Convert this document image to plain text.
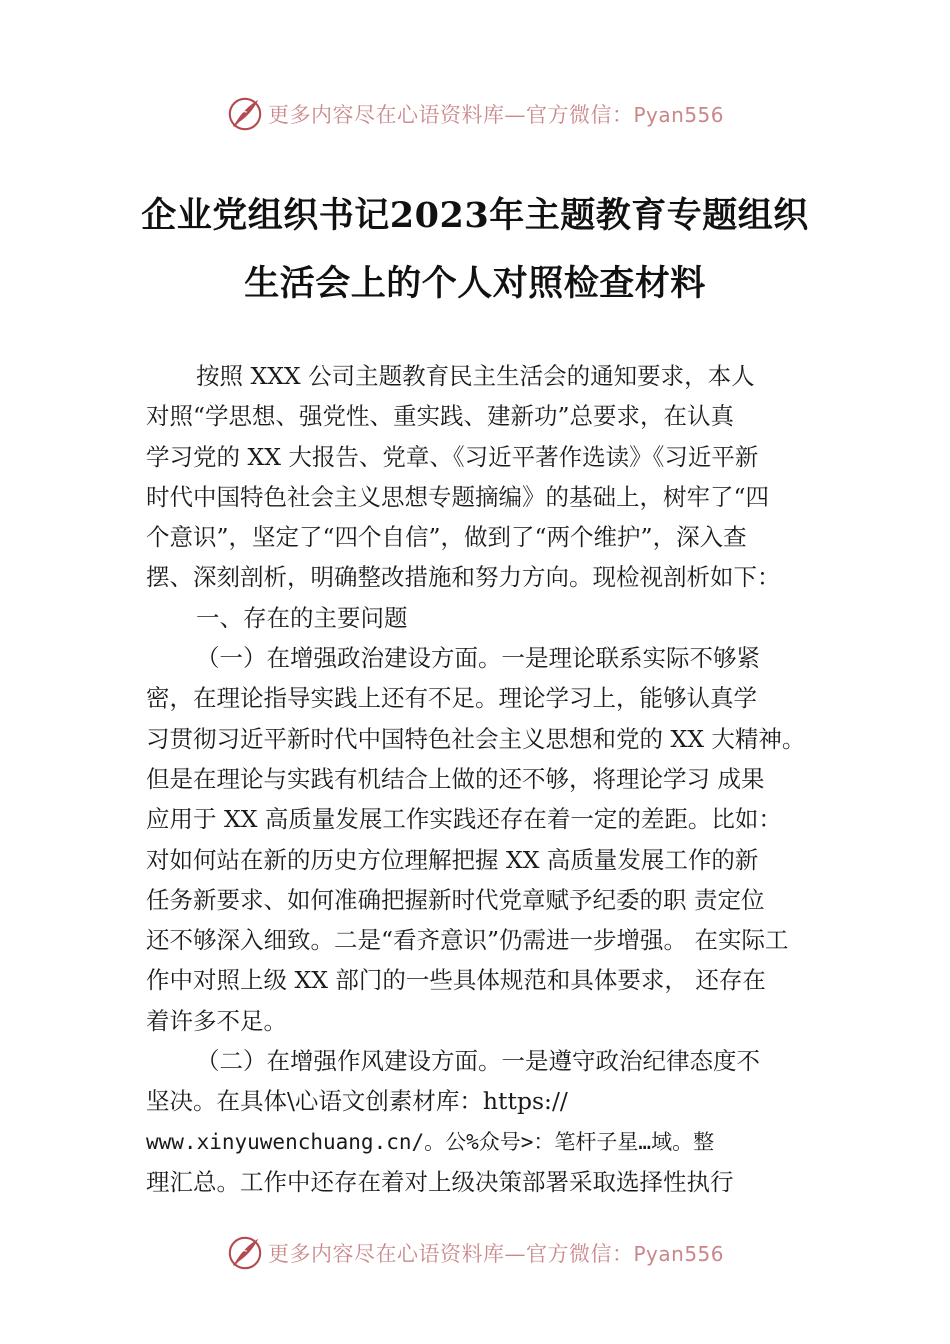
更多内容尽在心语资料库—官方微信：Pyan556
企业党组织书记2023年主题教育专题组织
生活会上的个人对照检查材料
按照 XXX 公司主题教育民主生活会的通知要求，本人
对照“学思想、强党性、重实践、建新功”总要求，在认真
学习党的 XX 大报告、党章、《习近平著作选读》《习近平新
时代中国特色社会主义思想专题摘编》的基础上，树牢了“四
个意识”，坚定了“四个自信”，做到了“两个维护”，深入查
摆、深刻剖析，明确整改措施和努力方向。现检视剖析如下：
一、存在的主要问题
（一）在增强政治建设方面。一是理论联系实际不够紧
密，在理论指导实践上还有不足。理论学习上，能够认真学
习贯彻习近平新时代中国特色社会主义思想和党的 XX 大精神。
但是在理论与实践有机结合上做的还不够，将理论学习 成果
应用于 XX 高质量发展工作实践还存在着一定的差距。比如：
对如何站在新的历史方位理解把握 XX 高质量发展工作的新
任务新要求、如何准确把握新时代党章赋予纪委的职 责定位
还不够深入细致。二是“看齐意识”仍需进一步增强。 在实际工
作中对照上级 XX 部门的一些具体规范和具体要求， 还存在
着许多不足。
（二）在增强作风建设方面。一是遵守政治纪律态度不
坚决。在具体\心语文创素材库：https://
www.xinyuwenchuang.cn/。公%众号>：笔杆子星…域。整
理汇总。工作中还存在着对上级决策部署采取选择性执行
更多内容尽在心语资料库—官方微信：Pyan556
